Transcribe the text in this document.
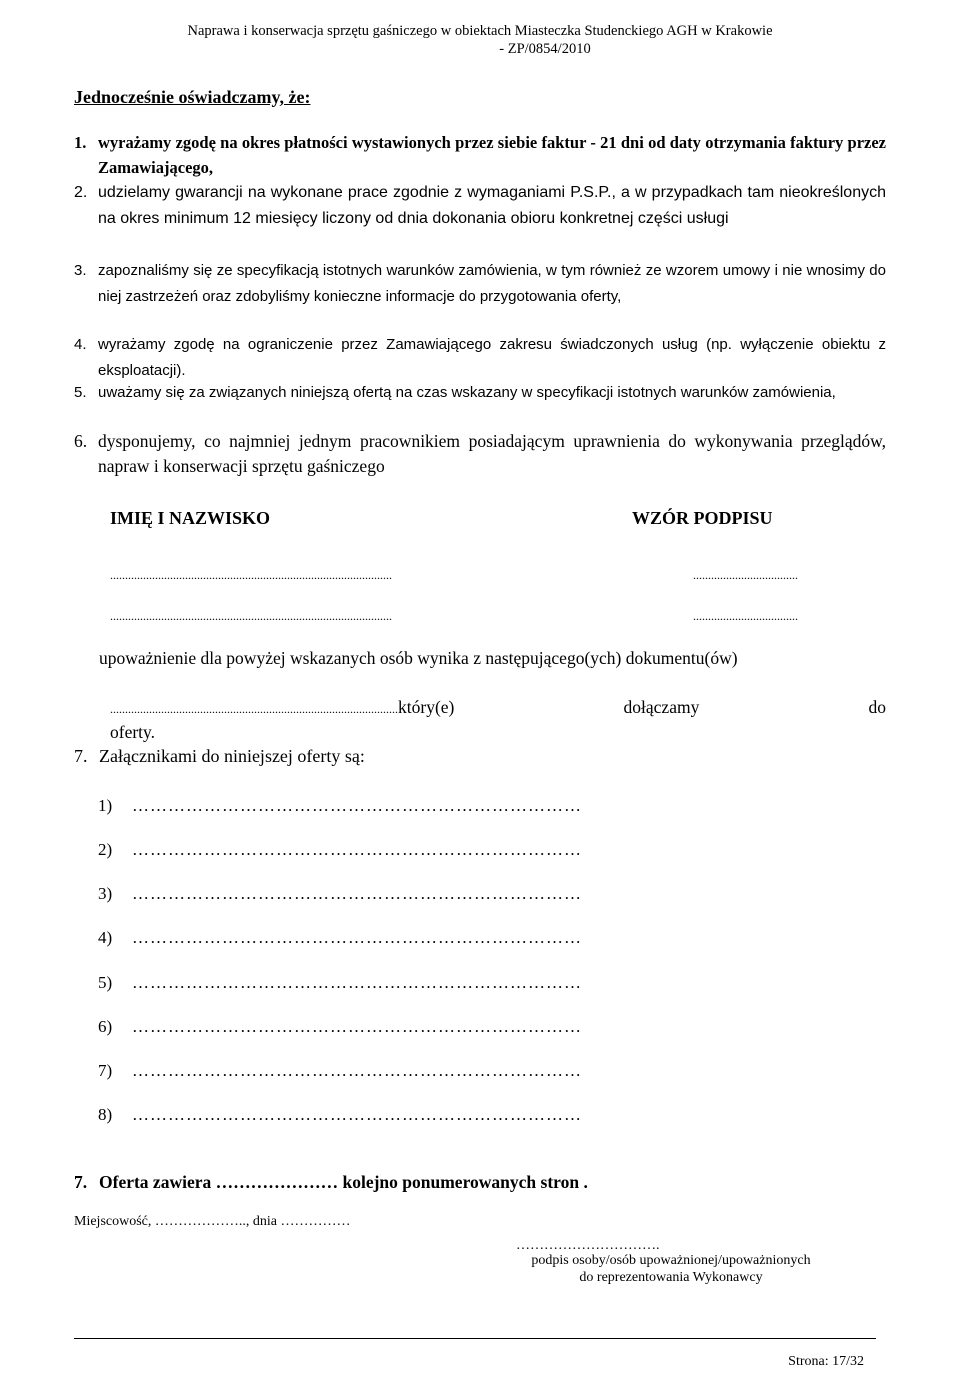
Naprawa i konserwacja sprzętu gaśniczego w obiektach Miasteczka Studenckiego AGH w Krakowie
- ZP/0854/2010

Jednocześnie oświadczamy, że:

1. wyrażamy zgodę na okres płatności wystawionych przez siebie faktur - 21 dni od daty otrzymania faktury przez Zamawiającego,
2. udzielamy gwarancji na wykonane prace zgodnie z wymaganiami P.S.P., a w przypadkach tam nieokreślonych na okres minimum 12 miesięcy liczony od dnia dokonania obioru konkretnej części usługi
3. zapoznaliśmy się ze specyfikacją istotnych warunków zamówienia, w tym również ze wzorem umowy i nie wnosimy do niej zastrzeżeń oraz zdobyliśmy konieczne informacje do przygotowania oferty,
4. wyrażamy zgodę na ograniczenie przez Zamawiającego zakresu świadczonych usług (np. wyłączenie obiektu z eksploatacji).
5. uważamy się za związanych niniejszą ofertą na czas wskazany w specyfikacji istotnych warunków zamówienia,
6. dysponujemy, co najmniej jednym pracownikiem posiadającym uprawnienia do wykonywania przeglądów, napraw i konserwacji sprzętu gaśniczego

IMIĘ I NAZWISKO	WZÓR PODPISU

..............................................................................................	...................................

..............................................................................................	...................................

upoważnienie dla powyżej wskazanych osób wynika z następującego(ych) dokumentu(ów)

................................................................................................który(e)	dołączamy	do

oferty.

7. Załącznikami do niniejszej oferty są:

1) …………………………………………………………………

2) …………………………………………………………………

3) …………………………………………………………………

4) …………………………………………………………………

5) …………………………………………………………………

6) …………………………………………………………………

7) …………………………………………………………………

8) …………………………………………………………………

7. Oferta zawiera ………………… kolejno ponumerowanych stron .

Miejscowość, ……………….., dnia ……………

………………………….

podpis osoby/osób upoważnionej/upoważnionych
do reprezentowania Wykonawcy

Strona: 17/32
